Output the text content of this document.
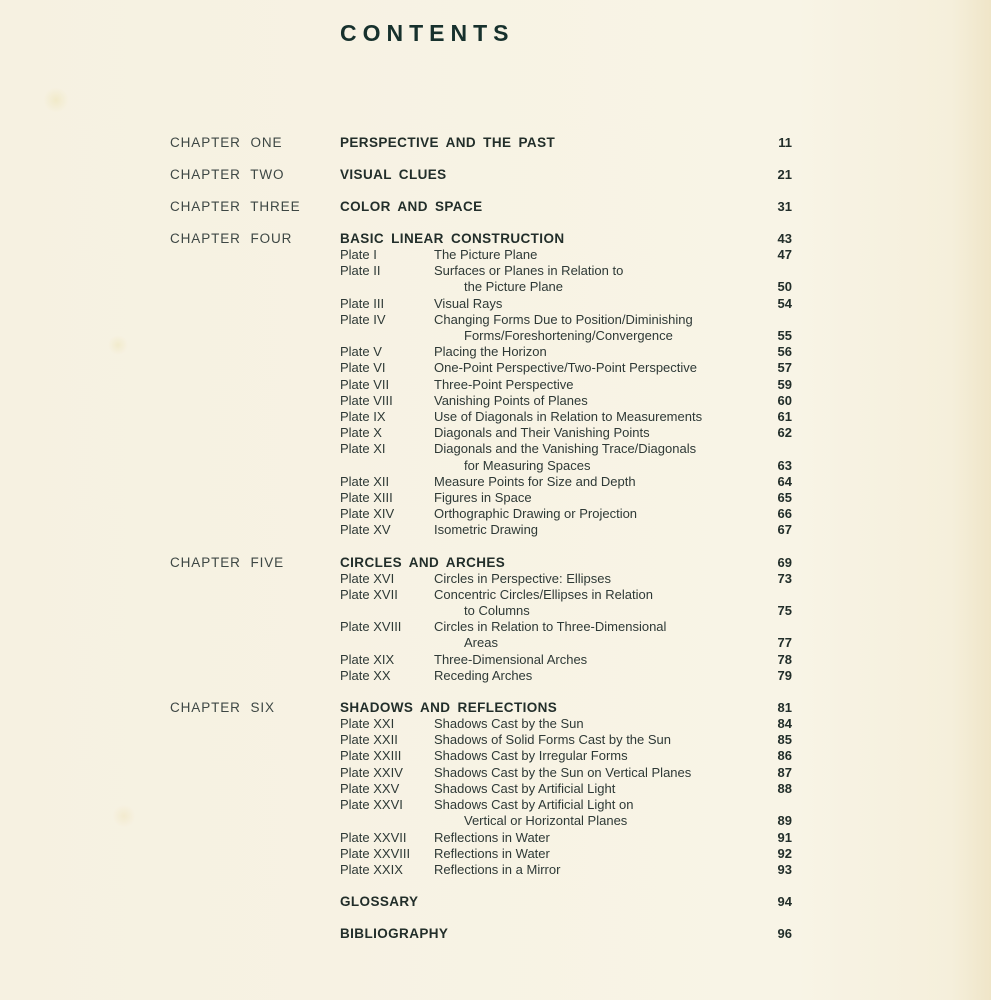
CONTENTS
CHAPTER ONE	PERSPECTIVE AND THE PAST	11
CHAPTER TWO	VISUAL CLUES	21
CHAPTER THREE	COLOR AND SPACE	31
CHAPTER FOUR	BASIC LINEAR CONSTRUCTION	43
Plate I	The Picture Plane	47
Plate II	Surfaces or Planes in Relation to
the Picture Plane	50
Plate III	Visual Rays	54
Plate IV	Changing Forms Due to Position/Diminishing
Forms/Foreshortening/Convergence	55
Plate V	Placing the Horizon	56
Plate VI	One-Point Perspective/Two-Point Perspective	57
Plate VII	Three-Point Perspective	59
Plate VIII	Vanishing Points of Planes	60
Plate IX	Use of Diagonals in Relation to Measurements	61
Plate X	Diagonals and Their Vanishing Points	62
Plate XI	Diagonals and the Vanishing Trace/Diagonals
for Measuring Spaces	63
Plate XII	Measure Points for Size and Depth	64
Plate XIII	Figures in Space	65
Plate XIV	Orthographic Drawing or Projection	66
Plate XV	Isometric Drawing	67
CHAPTER FIVE	CIRCLES AND ARCHES	69
Plate XVI	Circles in Perspective: Ellipses	73
Plate XVII	Concentric Circles/Ellipses in Relation
to Columns	75
Plate XVIII	Circles in Relation to Three-Dimensional
Areas	77
Plate XIX	Three-Dimensional Arches	78
Plate XX	Receding Arches	79
CHAPTER SIX	SHADOWS AND REFLECTIONS	81
Plate XXI	Shadows Cast by the Sun	84
Plate XXII	Shadows of Solid Forms Cast by the Sun	85
Plate XXIII	Shadows Cast by Irregular Forms	86
Plate XXIV	Shadows Cast by the Sun on Vertical Planes	87
Plate XXV	Shadows Cast by Artificial Light	88
Plate XXVI	Shadows Cast by Artificial Light on
Vertical or Horizontal Planes	89
Plate XXVII	Reflections in Water	91
Plate XXVIII	Reflections in Water	92
Plate XXIX	Reflections in a Mirror	93
GLOSSARY	94
BIBLIOGRAPHY	96
